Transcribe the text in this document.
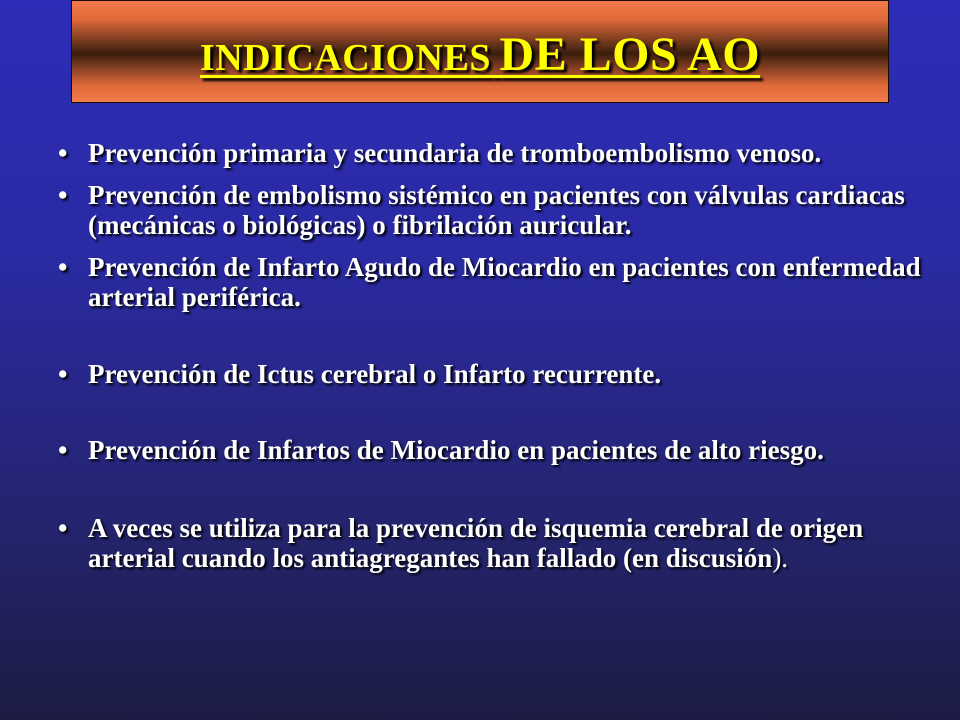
INDICACIONES DE LOS AO
• Prevención primaria y secundaria de tromboembolismo venoso.
• Prevención de embolismo sistémico en pacientes con válvulas cardiacas (mecánicas o biológicas) o fibrilación auricular.
• Prevención de Infarto Agudo de Miocardio en pacientes con enfermedad arterial periférica.
• Prevención de Ictus cerebral o Infarto recurrente.
• Prevención de Infartos de Miocardio en pacientes de alto riesgo.
• A veces se utiliza para la prevención de isquemia cerebral de origen arterial cuando los antiagregantes han fallado (en discusión).
